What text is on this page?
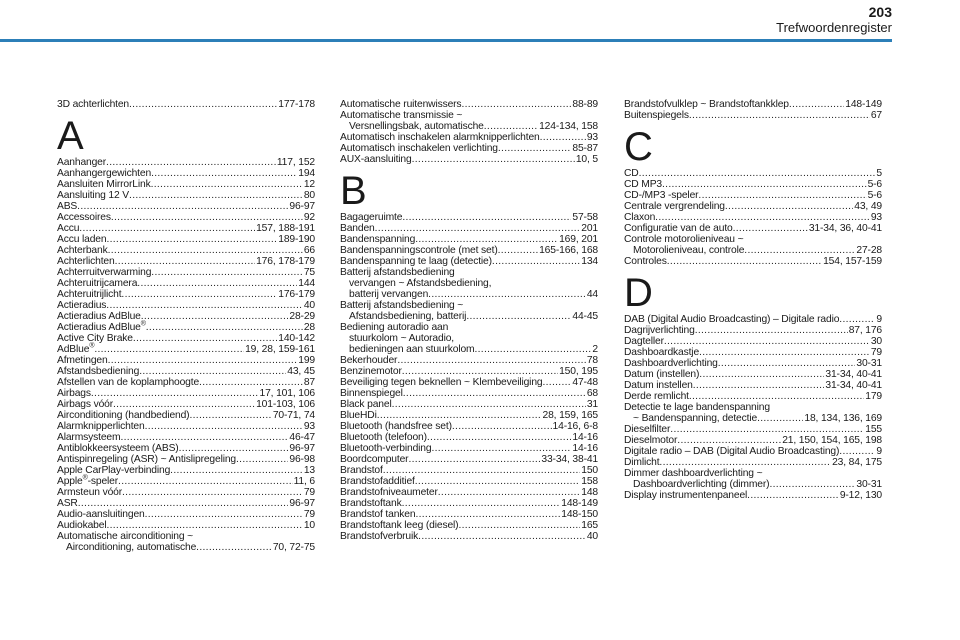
203
Trefwoordenregister
3D achterlichten .....	177-178
A
Aanhanger .....	117, 152
Aanhangergewichten .....	194
Aansluiten MirrorLink .....	12
Aansluiting 12 V .....	80
ABS .....	96-97
Accessoires .....	92
Accu .....	157, 188-191
Accu laden .....	189-190
Achterbank .....	66
Achterlichten .....	176, 178-179
Achterruitverwarming .....	75
Achteruitrijcamera .....	144
Achteruitrijlicht .....	176-179
Actieradius .....	40
Actieradius AdBlue .....	28-29
Actieradius AdBlue® .....	28
Active City Brake .....	140-142
AdBlue® .....	19, 28, 159-161
Afmetingen .....	199
Afstandsbediening .....	43, 45
Afstellen van de koplamphoogte .....	87
Airbags .....	17, 101, 106
Airbags vóór .....	101-103, 106
Airconditioning (handbediend) .....	70-71, 74
Alarmknipperlichten .....	93
Alarmsysteem .....	46-47
Antiblokkeersysteem (ABS) .....	96-97
Antispinregeling (ASR) ~ Antislipregeling .....	96-98
Apple CarPlay-verbinding .....	13
Apple®-speler .....	11, 6
Armsteun vóór .....	79
ASR .....	96-97
Audio-aansluitingen .....	79
Audiokabel .....	10
Automatische airconditioning ~
Airconditioning, automatische .....	70, 72-75
Automatische ruitenwissers .....	88-89
Automatische transmissie ~
Versnellingsbak, automatische .....	124-134, 158
Automatisch inschakelen alarmknipperlichten .....	93
Automatisch inschakelen verlichting .....	85-87
AUX-aansluiting .....	10, 5
B
Bagageruimte .....	57-58
Banden .....	201
Bandenspanning .....	169, 201
Bandenspanningscontrole (met set) .....	165-166, 168
Bandenspanning te laag (detectie) .....	134
Batterij afstandsbediening
vervangen ~ Afstandsbediening,
batterij vervangen .....	44
Batterij afstandsbediening ~
Afstandsbediening, batterij .....	44-45
Bediening autoradio aan
stuurkolom ~ Autoradio,
bedieningen aan stuurkolom .....	2
Bekerhouder .....	78
Benzinemotor .....	150, 195
Beveiliging tegen beknellen ~ Klembeveiliging .....	47-48
Binnenspiegel .....	68
Black panel .....	31
BlueHDi .....	28, 159, 165
Bluetooth (handsfree set) .....	14-16, 6-8
Bluetooth (telefoon) .....	14-16
Bluetooth-verbinding .....	14-16
Boordcomputer .....	33-34, 38-41
Brandstof .....	150
Brandstofadditief .....	158
Brandstofniveaumeter .....	148
Brandstoftank .....	148-149
Brandstof tanken .....	148-150
Brandstoftank leeg (diesel) .....	165
Brandstofverbruik .....	40
Brandstofvulklep ~ Brandstoftankklep .....	148-149
Buitenspiegels .....	67
C
CD .....	5
CD MP3 .....	5-6
CD-/MP3 -speler .....	5-6
Centrale vergrendeling .....	43, 49
Claxon .....	93
Configuratie van de auto .....	31-34, 36, 40-41
Controle motorolieniveau ~
Motorolieniveau, controle .....	27-28
Controles .....	154, 157-159
D
DAB (Digital Audio Broadcasting) – Digitale radio .....	9
Dagrijverlichting .....	87, 176
Dagteller .....	30
Dashboardkastje .....	79
Dashboardverlichting .....	30-31
Datum (instellen) .....	31-34, 40-41
Datum instellen .....	31-34, 40-41
Derde remlicht .....	179
Detectie te lage bandenspanning
~ Bandenspanning, detectie .....	18, 134, 136, 169
Dieselfilter .....	155
Dieselmotor .....	21, 150, 154, 165, 198
Digitale radio – DAB (Digital Audio Broadcasting) .....	9
Dimlicht .....	23, 84, 175
Dimmer dashboardverlichting ~
Dashboardverlichting (dimmer) .....	30-31
Display instrumentenpaneel .....	9-12, 130
